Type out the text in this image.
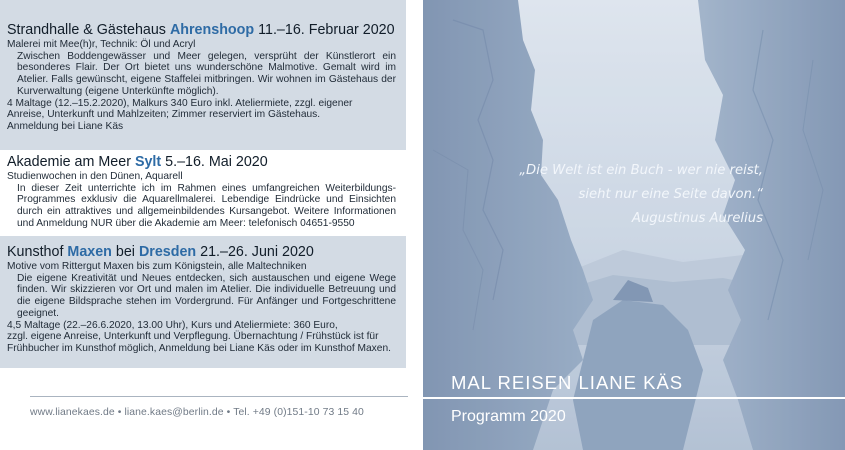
Strandhalle & Gästehaus Ahrenshoop 11.–16. Februar 2020
Malerei mit Mee(h)r, Technik: Öl und Acryl
Zwischen Boddengewässer und Meer gelegen, versprüht der Künstlerort ein besonderes Flair. Der Ort bietet uns wunderschöne Malmotive. Gemalt wird im Atelier. Falls gewünscht, eigene Staffelei mitbringen. Wir wohnen im Gästehaus der Kurverwaltung (eigene Unterkünfte möglich).
4 Maltage (12.–15.2.2020), Malkurs 340 Euro inkl. Ateliermiete, zzgl. eigener
Anreise, Unterkunft und Mahlzeiten; Zimmer reserviert im Gästehaus.
Anmeldung bei Liane Käs
Akademie am Meer Sylt 5.–16. Mai 2020
Studienwochen in den Dünen, Aquarell
In dieser Zeit unterrichte ich im Rahmen eines umfangreichen Weiterbildungs-Programmes exklusiv die Aquarellmalerei. Lebendige Eindrücke und Einsichten durch ein attraktives und allgemeinbildendes Kursangebot. Weitere Informationen und Anmeldung NUR über die Akademie am Meer: telefonisch 04651-9550
Kunsthof Maxen bei Dresden 21.–26. Juni 2020
Motive vom Rittergut Maxen bis zum Königstein, alle Maltechniken
Die eigene Kreativität und Neues entdecken, sich austauschen und eigene Wege finden. Wir skizzieren vor Ort und malen im Atelier. Die individuelle Betreuung und die eigene Bildsprache stehen im Vordergrund. Für Anfänger und Fortgeschrittene geeignet.
4,5 Maltage (22.–26.6.2020, 13.00 Uhr), Kurs und Ateliermiete: 360 Euro,
zzgl. eigene Anreise, Unterkunft und Verpflegung. Übernachtung / Frühstück ist für
Frühbucher im Kunsthof möglich, Anmeldung bei Liane Käs oder im Kunsthof Maxen.
www.lianekaes.de • liane.kaes@berlin.de • Tel. +49 (0)151-10 73 15 40
„Die Welt ist ein Buch - wer nie reist,
sieht nur eine Seite davon.“
Augustinus Aurelius
MAL REISEN LIANE KÄS
Programm 2020
